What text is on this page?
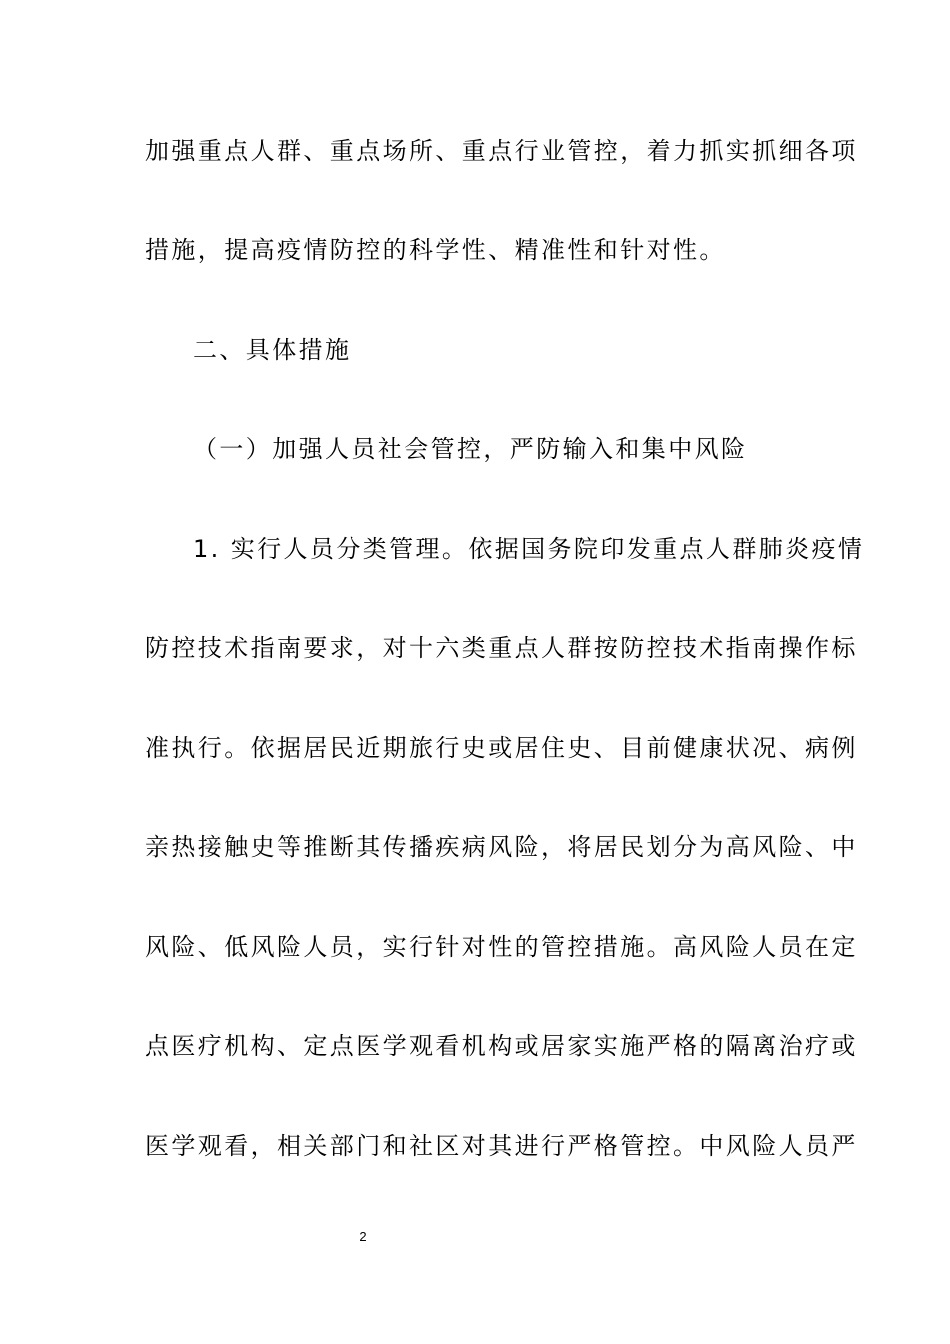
加强重点人群、重点场所、重点行业管控，着力抓实抓细各项
措施，提高疫情防控的科学性、精准性和针对性。
二、具体措施
（一）加强人员社会管控，严防输入和集中风险
1. 实行人员分类管理。依据国务院印发重点人群肺炎疫情
防控技术指南要求，对十六类重点人群按防控技术指南操作标
准执行。依据居民近期旅行史或居住史、目前健康状况、病例
亲热接触史等推断其传播疾病风险，将居民划分为高风险、中
风险、低风险人员，实行针对性的管控措施。高风险人员在定
点医疗机构、定点医学观看机构或居家实施严格的隔离治疗或
医学观看，相关部门和社区对其进行严格管控。中风险人员严
2
